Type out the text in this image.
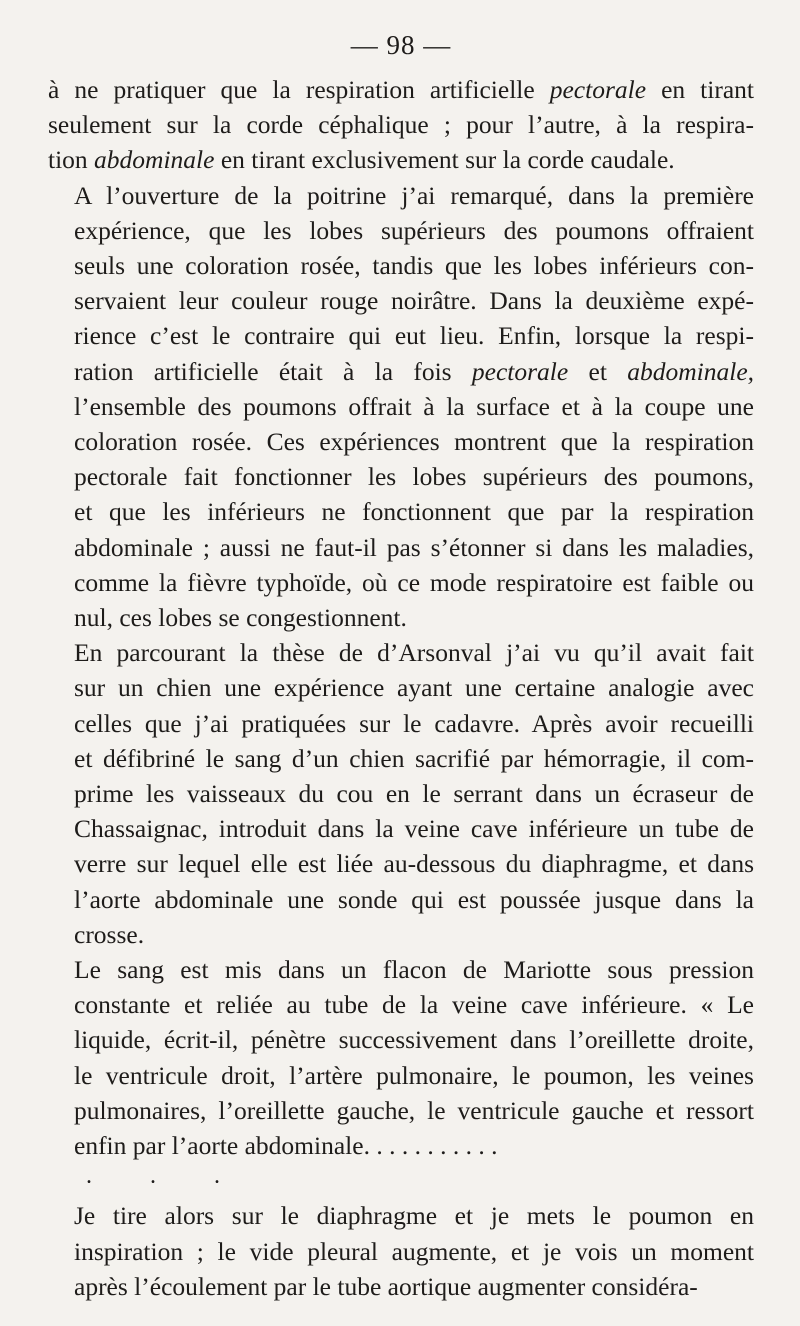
— 98 —

à ne pratiquer que la respiration artificielle pectorale en tirant
seulement sur la corde céphalique ; pour l’autre, à la respira-
tion abdominale en tirant exclusivement sur la corde caudale.

A l’ouverture de la poitrine j’ai remarqué, dans la première
expérience, que les lobes supérieurs des poumons offraient
seuls une coloration rosée, tandis que les lobes inférieurs con-
servaient leur couleur rouge noirâtre. Dans la deuxième expé-
rience c’est le contraire qui eut lieu. Enfin, lorsque la respi-
ration artificielle était à la fois pectorale et abdominale,
l’ensemble des poumons offrait à la surface et à la coupe une
coloration rosée. Ces expériences montrent que la respiration
pectorale fait fonctionner les lobes supérieurs des poumons,
et que les inférieurs ne fonctionnent que par la respiration
abdominale ; aussi ne faut-il pas s’étonner si dans les maladies,
comme la fièvre typhoïde, où ce mode respiratoire est faible ou
nul, ces lobes se congestionnent.

En parcourant la thèse de d’Arsonval j’ai vu qu’il avait fait
sur un chien une expérience ayant une certaine analogie avec
celles que j’ai pratiquées sur le cadavre. Après avoir recueilli
et défibriné le sang d’un chien sacrifié par hémorragie, il com-
prime les vaisseaux du cou en le serrant dans un écraseur de
Chassaignac, introduit dans la veine cave inférieure un tube de
verre sur lequel elle est liée au-dessous du diaphragme, et dans
l’aorte abdominale une sonde qui est poussée jusque dans la
crosse.

Le sang est mis dans un flacon de Mariotte sous pression
constante et reliée au tube de la veine cave inférieure. « Le
liquide, écrit-il, pénètre successivement dans l’oreillette droite,
le ventricule droit, l’artère pulmonaire, le poumon, les veines
pulmonaires, l’oreillette gauche, le ventricule gauche et ressort
enfin par l’aorte abdominale. . . . . . . . . . .

. . .

Je tire alors sur le diaphragme et je mets le poumon en
inspiration ; le vide pleural augmente, et je vois un moment
après l’écoulement par le tube aortique augmenter considéra-
